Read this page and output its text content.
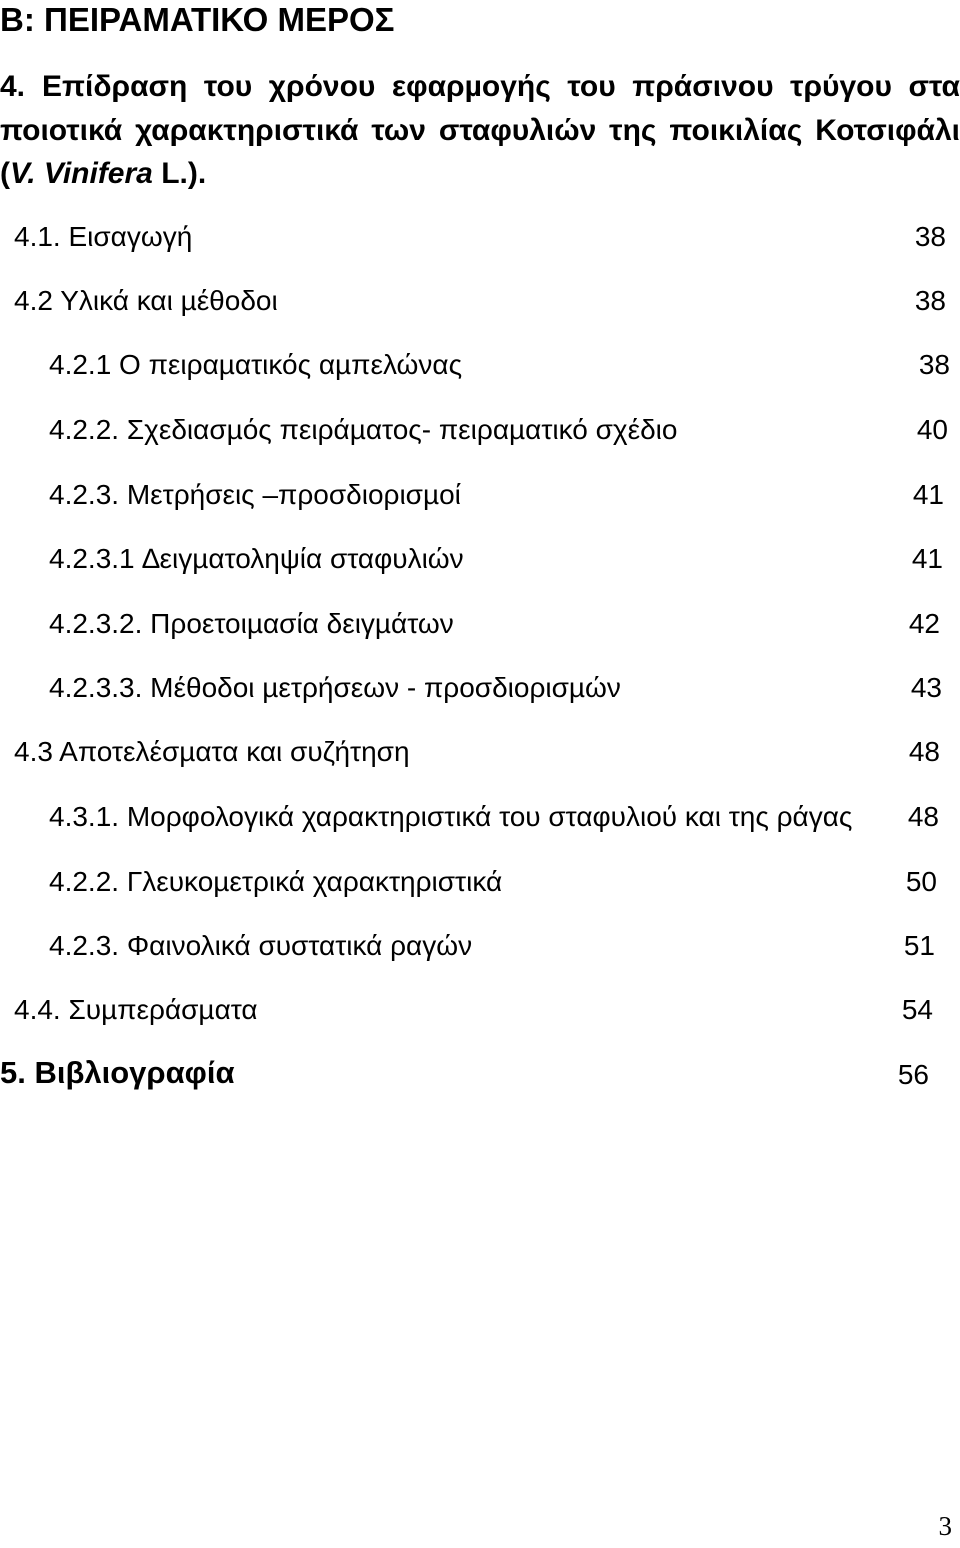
Β: ΠΕΙΡΑΜΑΤΙΚΟ ΜΕΡΟΣ
4. Επίδραση του χρόνου εφαρµογής του πράσινου τρύγου στα ποιοτικά χαρακτηριστικά των σταφυλιών της ποικιλίας Κοτσιφάλι (V. Vinifera L.).
4.1. Εισαγωγή	38
4.2 Υλικά και µέθοδοι	38
4.2.1 Ο πειραµατικός αµπελώνας	38
4.2.2. Σχεδιασµός πειράµατος- πειραµατικό σχέδιο	40
4.2.3. Μετρήσεις –προσδιορισµοί	41
4.2.3.1 ∆ειγµατοληψία σταφυλιών	41
4.2.3.2. Προετοιµασία δειγµάτων	42
4.2.3.3. Μέθοδοι µετρήσεων - προσδιορισµών	43
4.3 Αποτελέσµατα και συζήτηση	48
4.3.1. Μορφολογικά χαρακτηριστικά του σταφυλιού και της ράγας 48
4.2.2. Γλευκοµετρικά χαρακτηριστικά	50
4.2.3. Φαινολικά συστατικά ραγών	51
4.4. Συµπεράσµατα	54
5. Βιβλιογραφία	56
3
